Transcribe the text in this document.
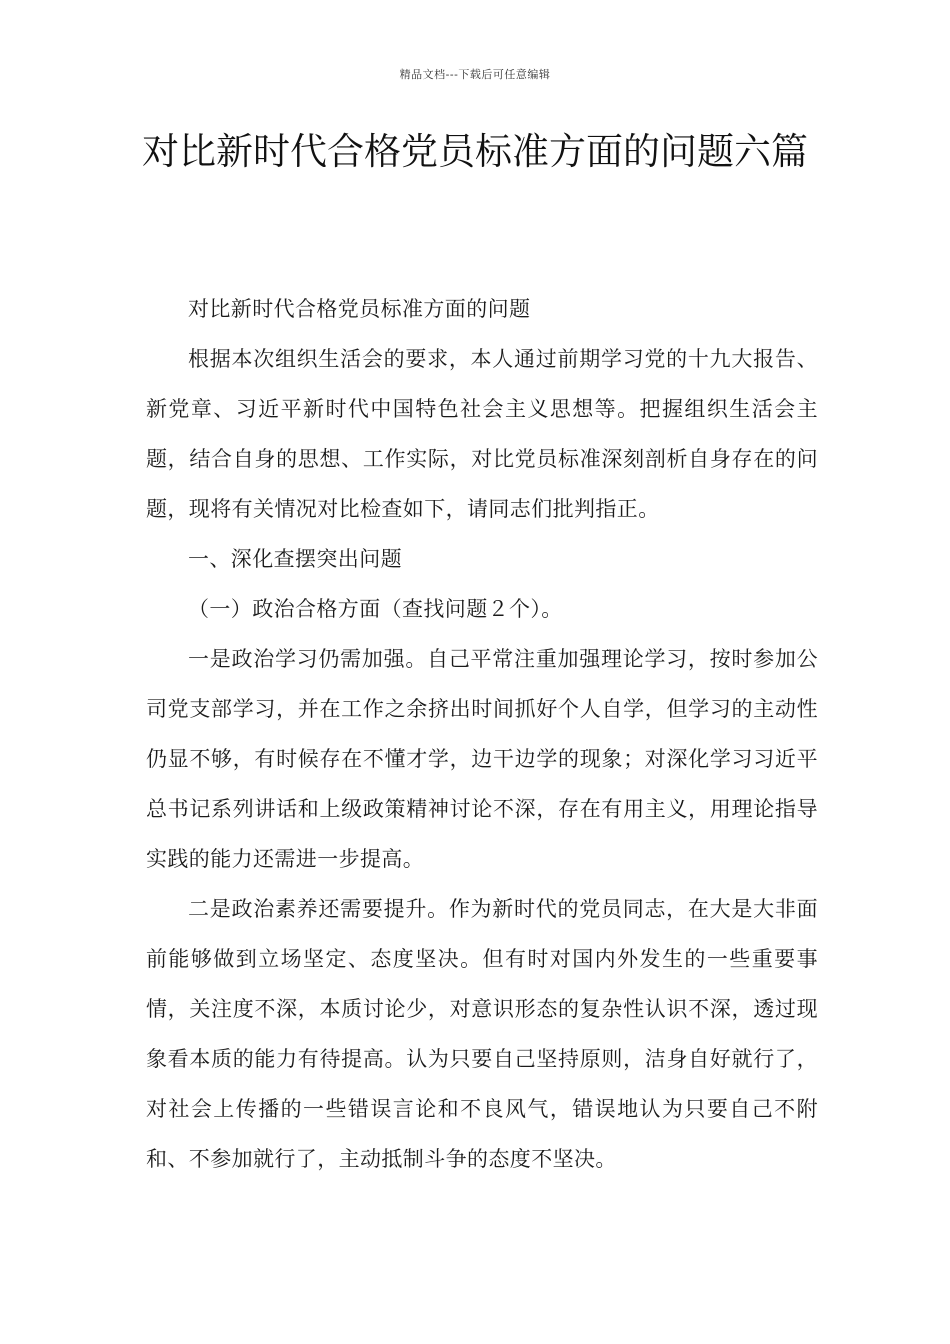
精品文档---下载后可任意编辑
对比新时代合格党员标准方面的问题六篇

对比新时代合格党员标准方面的问题

根据本次组织生活会的要求，本人通过前期学习党的十九大报告、新党章、习近平新时代中国特色社会主义思想等。把握组织生活会主题，结合自身的思想、工作实际，对比党员标准深刻剖析自身存在的问题，现将有关情况对比检查如下，请同志们批判指正。

一、深化查摆突出问题

（一）政治合格方面（查找问题２个）。

一是政治学习仍需加强。自己平常注重加强理论学习，按时参加公司党支部学习，并在工作之余挤出时间抓好个人自学，但学习的主动性仍显不够，有时候存在不懂才学，边干边学的现象；对深化学习习近平总书记系列讲话和上级政策精神讨论不深，存在有用主义，用理论指导实践的能力还需进一步提高。

二是政治素养还需要提升。作为新时代的党员同志，在大是大非面前能够做到立场坚定、态度坚决。但有时对国内外发生的一些重要事情，关注度不深，本质讨论少，对意识形态的复杂性认识不深，透过现象看本质的能力有待提高。认为只要自己坚持原则，洁身自好就行了，对社会上传播的一些错误言论和不良风气，错误地认为只要自己不附和、不参加就行了，主动抵制斗争的态度不坚决。
